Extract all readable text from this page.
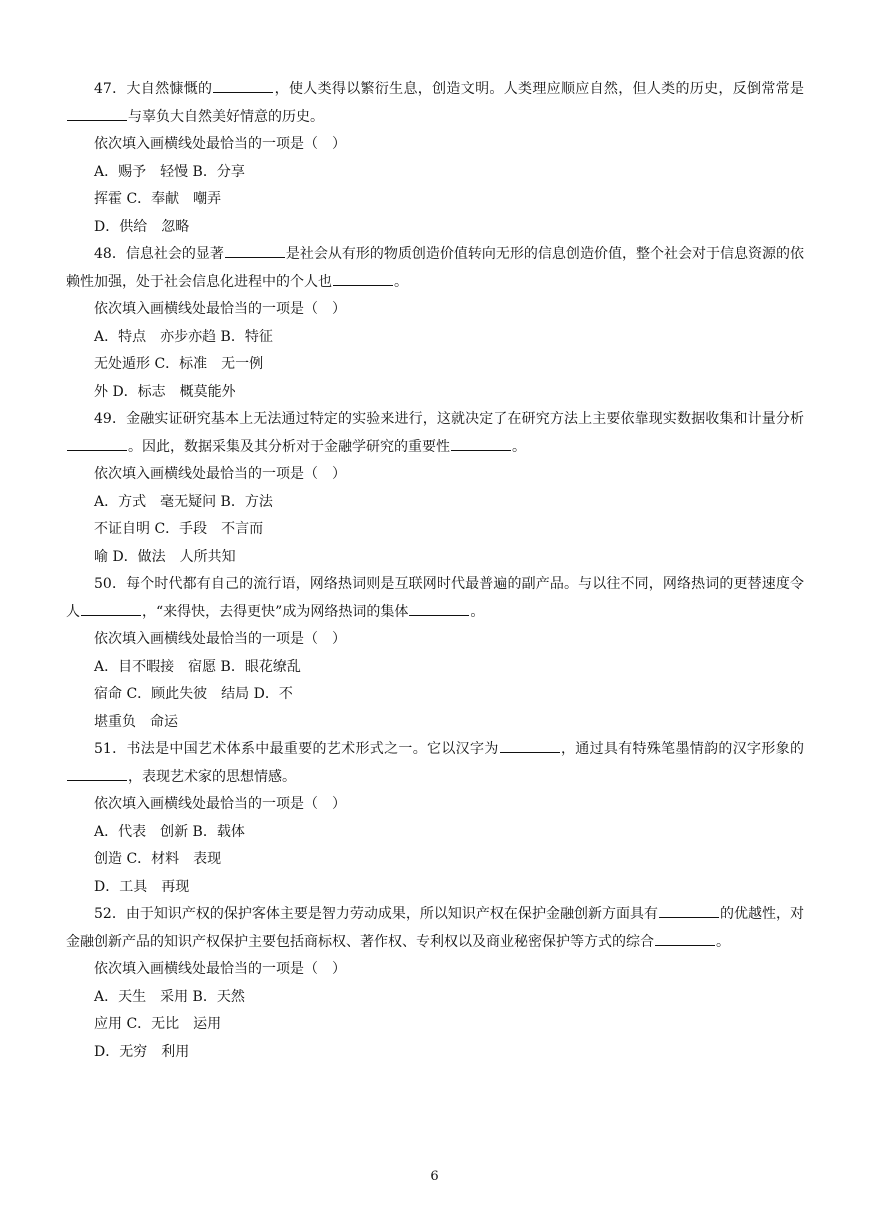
47．大自然慷慨的	，使人类得以繁衍生息，创造文明。人类理应顺应自然，但人类的历史，反倒常常是与辜负大自然美好情意的历史。

依次填入画横线处最恰当的一项是（　）
A．赐予　轻慢 B．分享
挥霍 C．奉献　嘲弄
D．供给　忽略

48．信息社会的显著	是社会从有形的物质创造价值转向无形的信息创造价值，整个社会对于信息资源的依赖性加强，处于社会信息化进程中的个人也	。

依次填入画横线处最恰当的一项是（　）
A．特点　亦步亦趋 B．特征
无处遁形 C．标准　无一例
外 D．标志　概莫能外

49．金融实证研究基本上无法通过特定的实验来进行，这就决定了在研究方法上主要依靠现实数据收集和计量分析。因此，数据采集及其分析对于金融学研究的重要性	。

依次填入画横线处最恰当的一项是（　）
A．方式　毫无疑问 B．方法
不证自明 C．手段　不言而
喻 D．做法　人所共知

50．每个时代都有自己的流行语，网络热词则是互联网时代最普遍的副产品。与以往不同，网络热词的更替速度令人	，“来得快，去得更快”成为网络热词的集体	。

依次填入画横线处最恰当的一项是（　）
A．目不暇接　宿愿 B．眼花缭乱
宿命 C．顾此失彼　结局 D．不
堪重负　命运

51．书法是中国艺术体系中最重要的艺术形式之一。它以汉字为	，通过具有特殊笔墨情韵的汉字形象的，表现艺术家的思想情感。

依次填入画横线处最恰当的一项是（　）
A．代表　创新 B．载体
创造 C．材料　表现
D．工具　再现

52．由于知识产权的保护客体主要是智力劳动成果，所以知识产权在保护金融创新方面具有	的优越性，对金融创新产品的知识产权保护主要包括商标权、著作权、专利权以及商业秘密保护等方式的综合	。

依次填入画横线处最恰当的一项是（　）
A．天生　采用 B．天然
应用 C．无比　运用
D．无穷　利用
6
